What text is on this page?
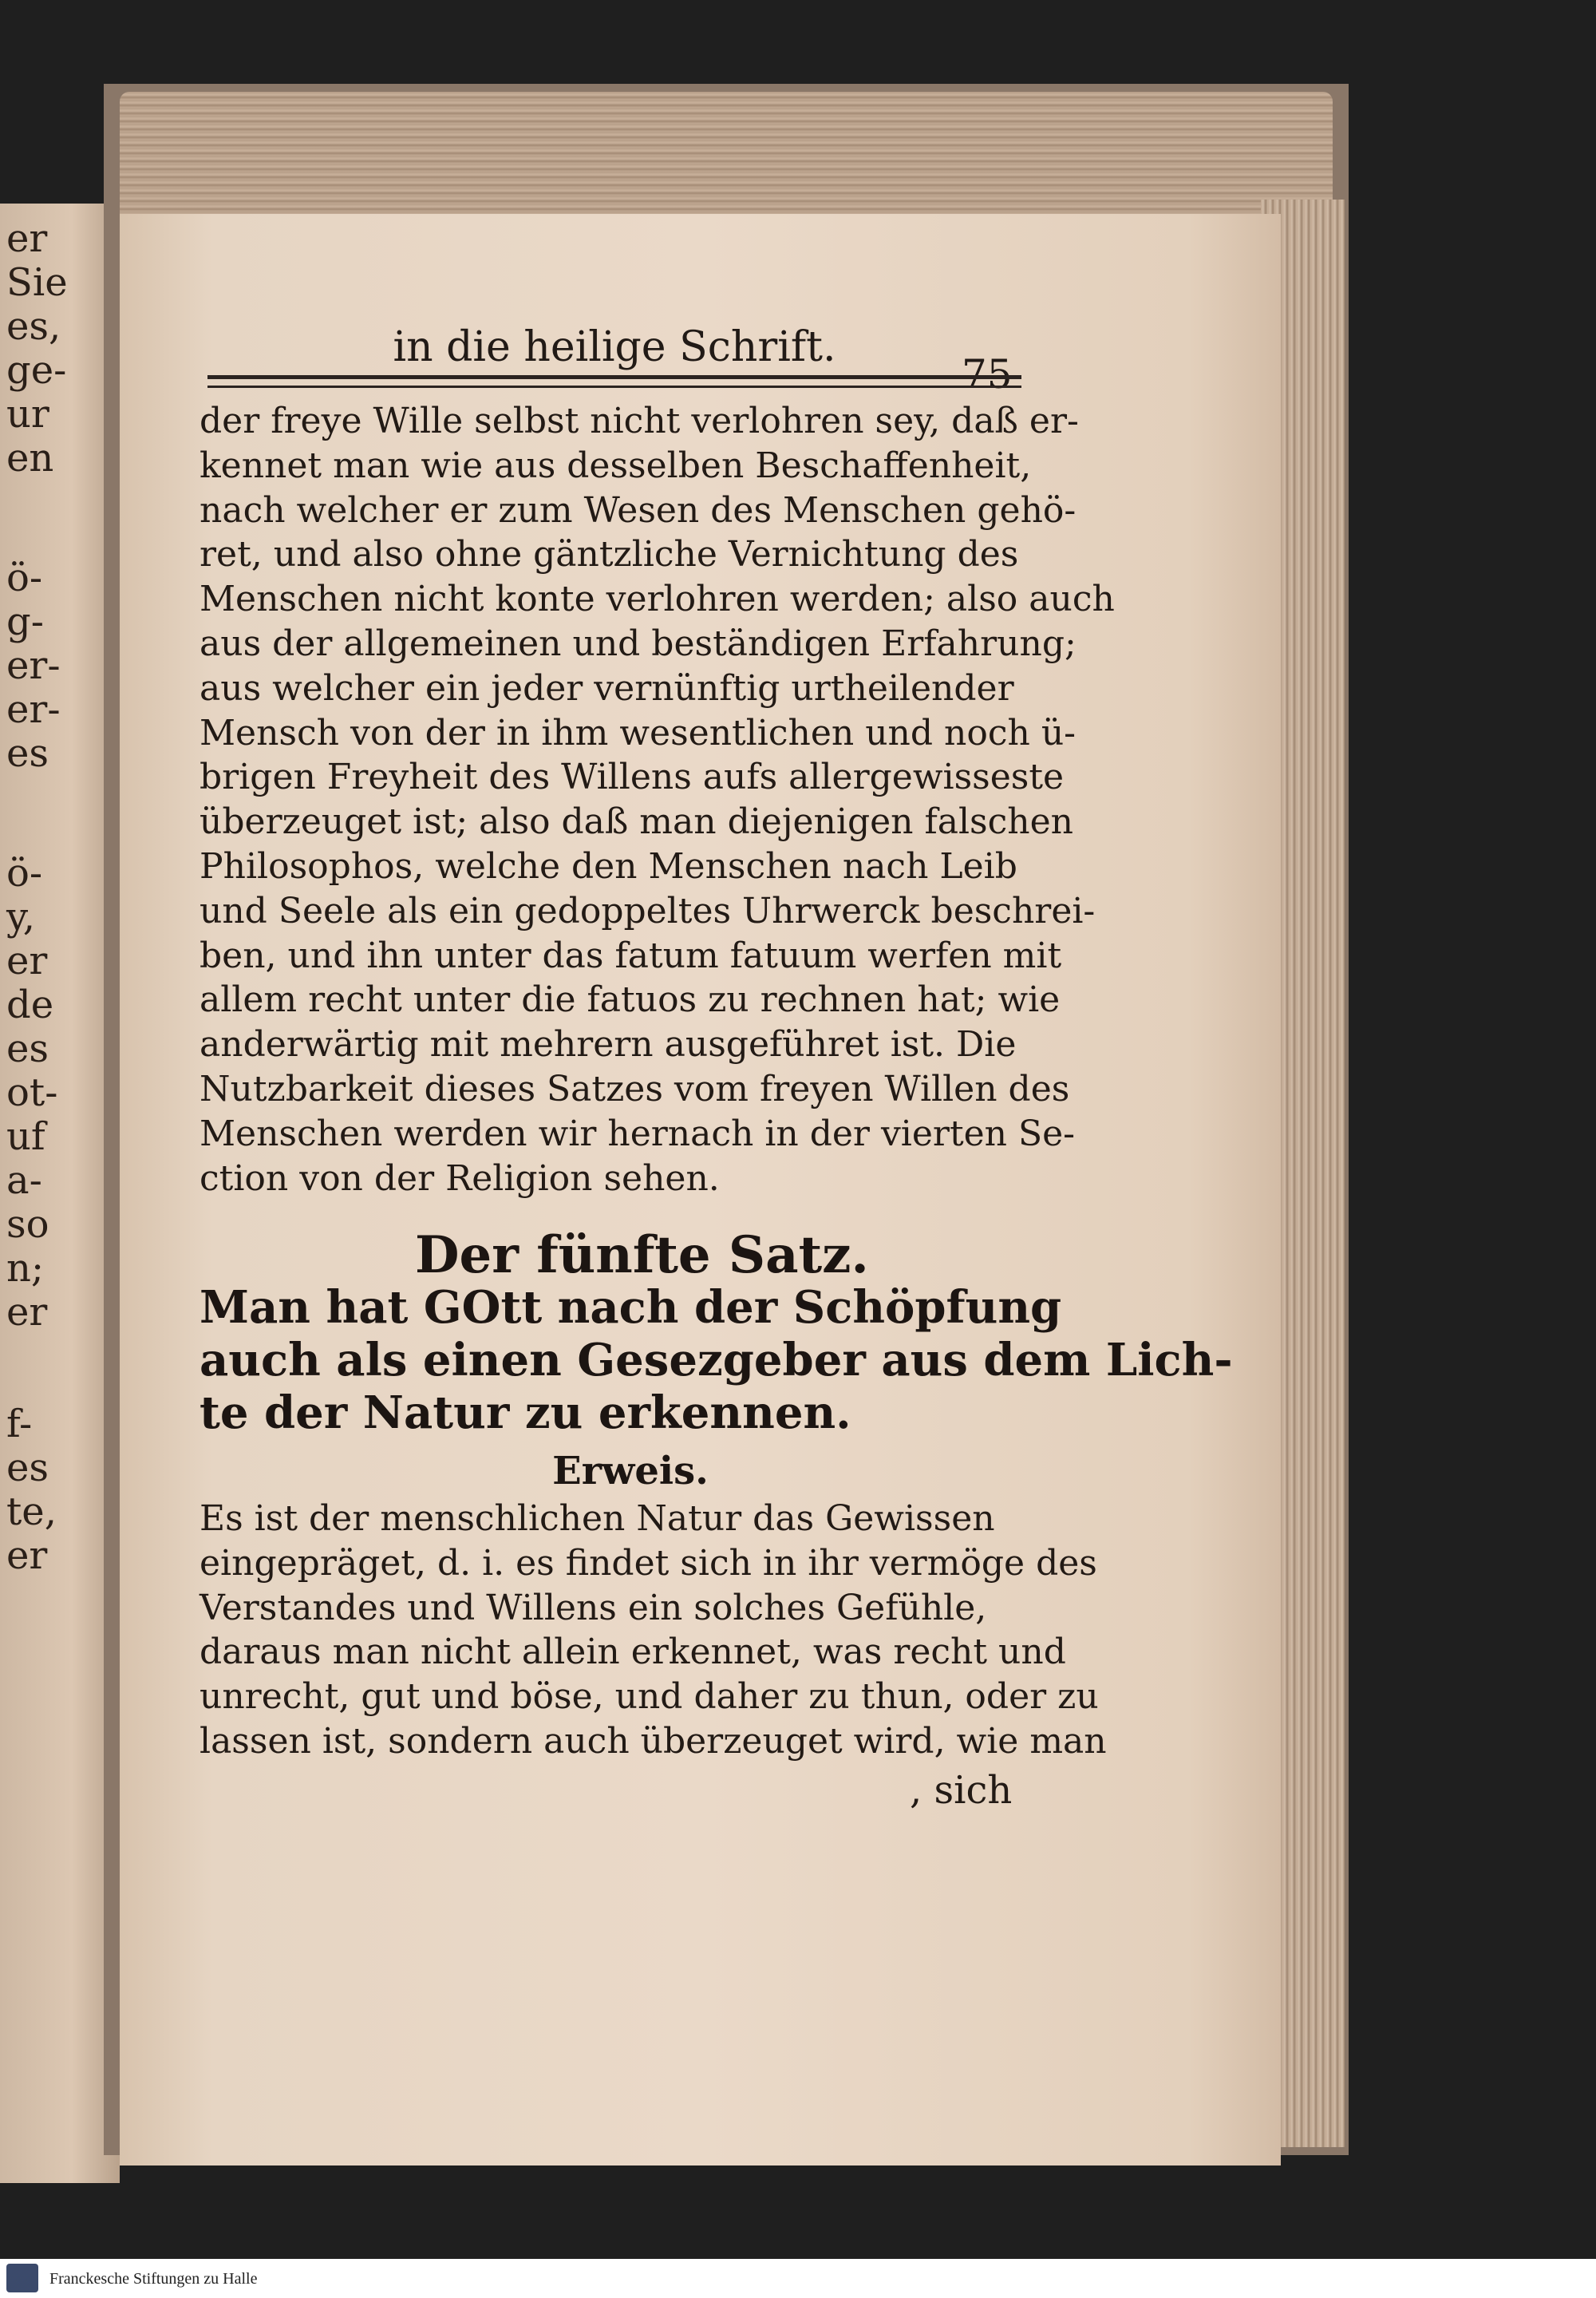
er
Sie
es,
ge-
ur
en
ö-
g-
er-
er-
es
ö-
y,
er
de
es
ot-
uf
a-
so
n;
er
f-
es
te,
er
in die heilige Schrift.
75
der freye Wille selbst nicht verlohren sey, daß er-
kennet man wie aus desselben Beschaffenheit,
nach welcher er zum Wesen des Menschen gehö-
ret, und also ohne gäntzliche Vernichtung des
Menschen nicht konte verlohren werden; also auch
aus der allgemeinen und beständigen Erfahrung;
aus welcher ein jeder vernünftig urtheilender
Mensch von der in ihm wesentlichen und noch ü-
brigen Freyheit des Willens aufs allergewisseste
überzeuget ist; also daß man diejenigen falschen
Philosophos, welche den Menschen nach Leib
und Seele als ein gedoppeltes Uhrwerck beschrei-
ben, und ihn unter das fatum fatuum werfen mit
allem recht unter die fatuos zu rechnen hat; wie
anderwärtig mit mehrern ausgeführet ist. Die
Nutzbarkeit dieses Satzes vom freyen Willen des
Menschen werden wir hernach in der vierten Se-
ction von der Religion sehen.
Der fünfte Satz.
Man hat GOtt nach der Schöpfung
auch als einen Gesezgeber aus dem Lich-
te der Natur zu erkennen.
Erweis.
Es ist der menschlichen Natur das Gewissen
eingepräget, d. i. es findet sich in ihr vermöge des
Verstandes und Willens ein solches Gefühle,
daraus man nicht allein erkennet, was recht und
unrecht, gut und böse, und daher zu thun, oder zu
lassen ist, sondern auch überzeuget wird, wie man
, sich
Franckesche Stiftungen zu Halle
